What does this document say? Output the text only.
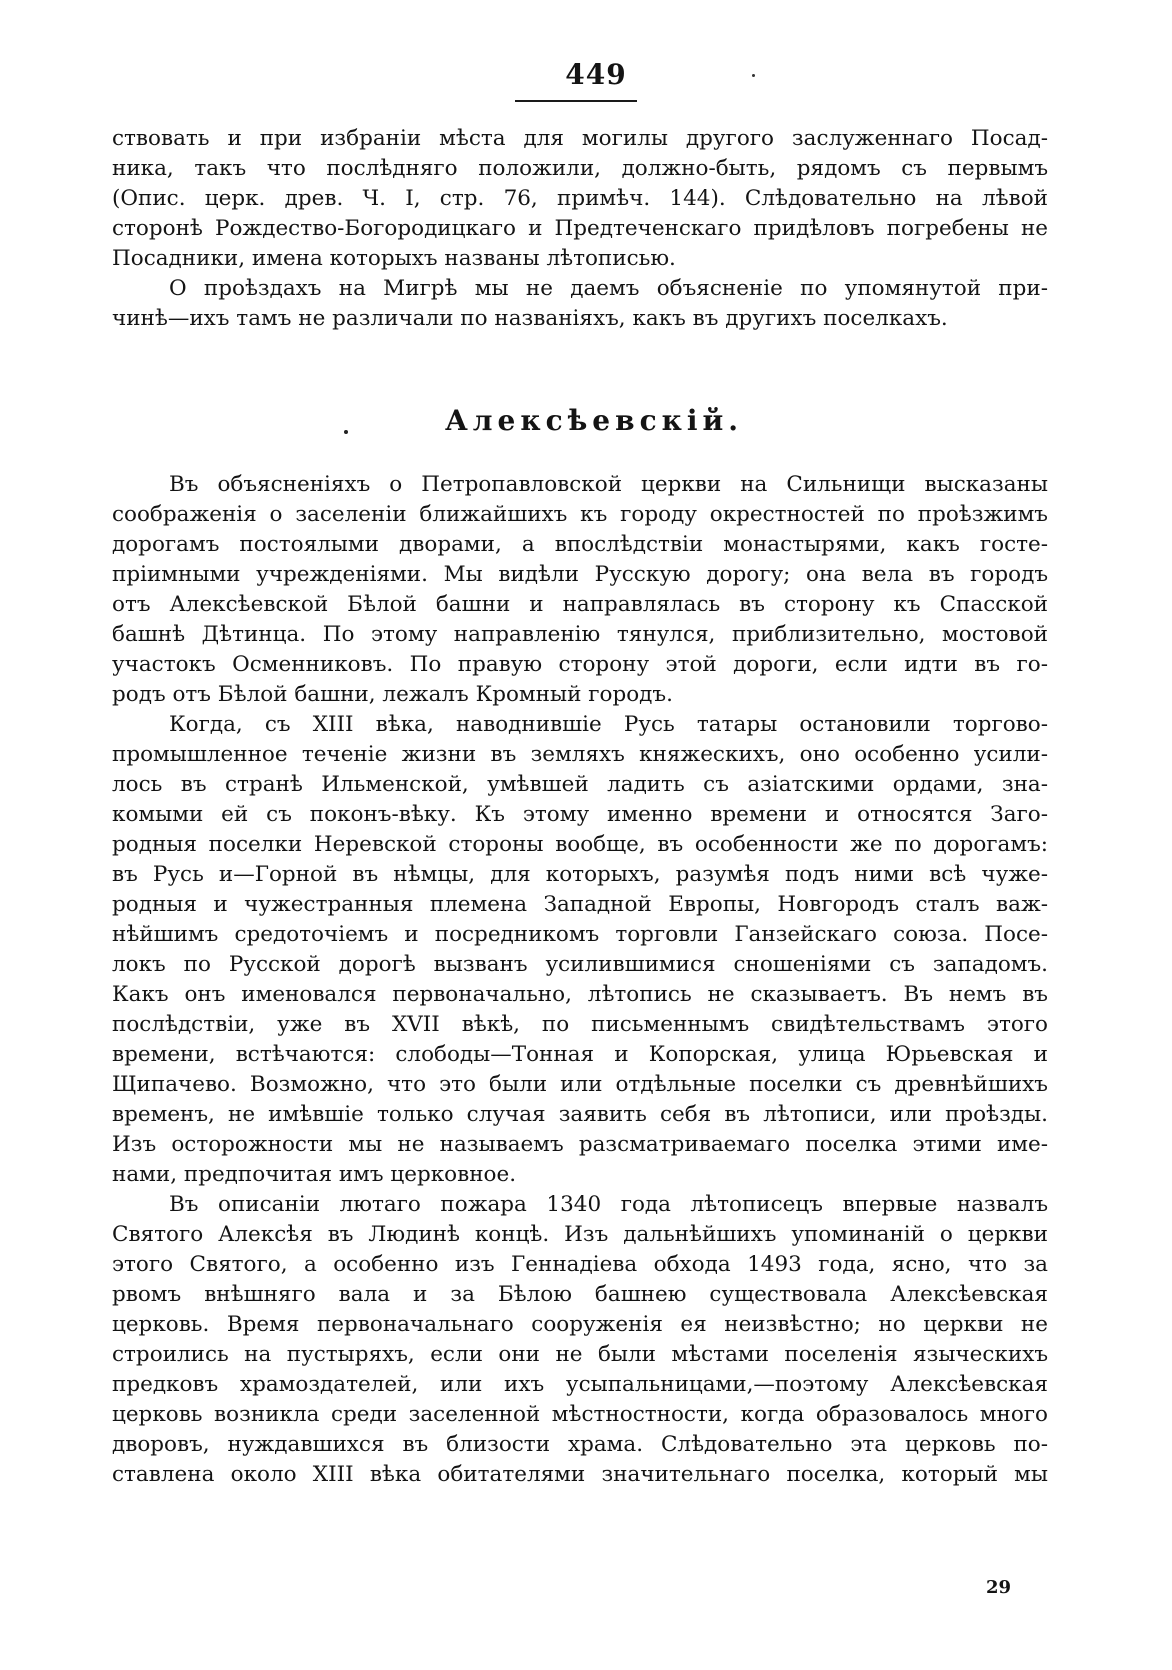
449
ствовать и при избраніи мѣста для могилы другого заслуженнаго Посад-
ника, такъ что послѣдняго положили, должно-быть, рядомъ съ первымъ
(Опис. церк. древ. Ч. I, стр. 76, примѣч. 144). Слѣдовательно на лѣвой
сторонѣ Рождество-Богородицкаго и Предтеченскаго придѣловъ погребены не
Посадники, имена которыхъ названы лѣтописью.
О проѣздахъ на Мигрѣ мы не даемъ объясненіе по упомянутой при-
чинѣ—ихъ тамъ не различали по названіяхъ, какъ въ другихъ поселкахъ.
Алексѣевскій.
Въ объясненіяхъ о Петропавловской церкви на Сильнищи высказаны
соображенія о заселеніи ближайшихъ къ городу окрестностей по проѣзжимъ
дорогамъ постоялыми дворами, а впослѣдствіи монастырями, какъ госте-
пріимными учрежденіями. Мы видѣли Русскую дорогу; она вела въ городъ
отъ Алексѣевской Бѣлой башни и направлялась въ сторону къ Спасской
башнѣ Дѣтинца. По этому направленію тянулся, приблизительно, мостовой
участокъ Осменниковъ. По правую сторону этой дороги, если идти въ го-
родъ отъ Бѣлой башни, лежалъ Кромный городъ.
Когда, съ XIII вѣка, наводнившіе Русь татары остановили торгово-
промышленное теченіе жизни въ земляхъ княжескихъ, оно особенно усили-
лось въ странѣ Ильменской, умѣвшей ладить съ азіатскими ордами, зна-
комыми ей съ поконъ-вѣку. Къ этому именно времени и относятся Заго-
родныя поселки Неревской стороны вообще, въ особенности же по дорогамъ:
въ Русь и—Горной въ нѣмцы, для которыхъ, разумѣя подъ ними всѣ чуже-
родныя и чужестранныя племена Западной Европы, Новгородъ сталъ важ-
нѣйшимъ средоточіемъ и посредникомъ торговли Ганзейскаго союза. Посе-
локъ по Русской дорогѣ вызванъ усилившимися сношеніями съ западомъ.
Какъ онъ именовался первоначально, лѣтопись не сказываетъ. Въ немъ въ
послѣдствіи, уже въ XVII вѣкѣ, по письменнымъ свидѣтельствамъ этого
времени, встѣчаются: слободы—Тонная и Копорская, улица Юрьевская и
Щипачево. Возможно, что это были или отдѣльные поселки съ древнѣйшихъ
временъ, не имѣвшіе только случая заявить себя въ лѣтописи, или проѣзды.
Изъ осторожности мы не называемъ разсматриваемаго поселка этими име-
нами, предпочитая имъ церковное.
Въ описаніи лютаго пожара 1340 года лѣтописецъ впервые назвалъ
Святого Алексѣя въ Людинѣ концѣ. Изъ дальнѣйшихъ упоминаній о церкви
этого Святого, а особенно изъ Геннадіева обхода 1493 года, ясно, что за
рвомъ внѣшняго вала и за Бѣлою башнею существовала Алексѣевская
церковь. Время первоначальнаго сооруженія ея неизвѣстно; но церкви не
строились на пустыряхъ, если они не были мѣстами поселенія языческихъ
предковъ храмоздателей, или ихъ усыпальницами,—поэтому Алексѣевская
церковь возникла среди заселенной мѣстностности, когда образовалось много
дворовъ, нуждавшихся въ близости храма. Слѣдовательно эта церковь по-
ставлена около XIII вѣка обитателями значительнаго поселка, который мы
29
